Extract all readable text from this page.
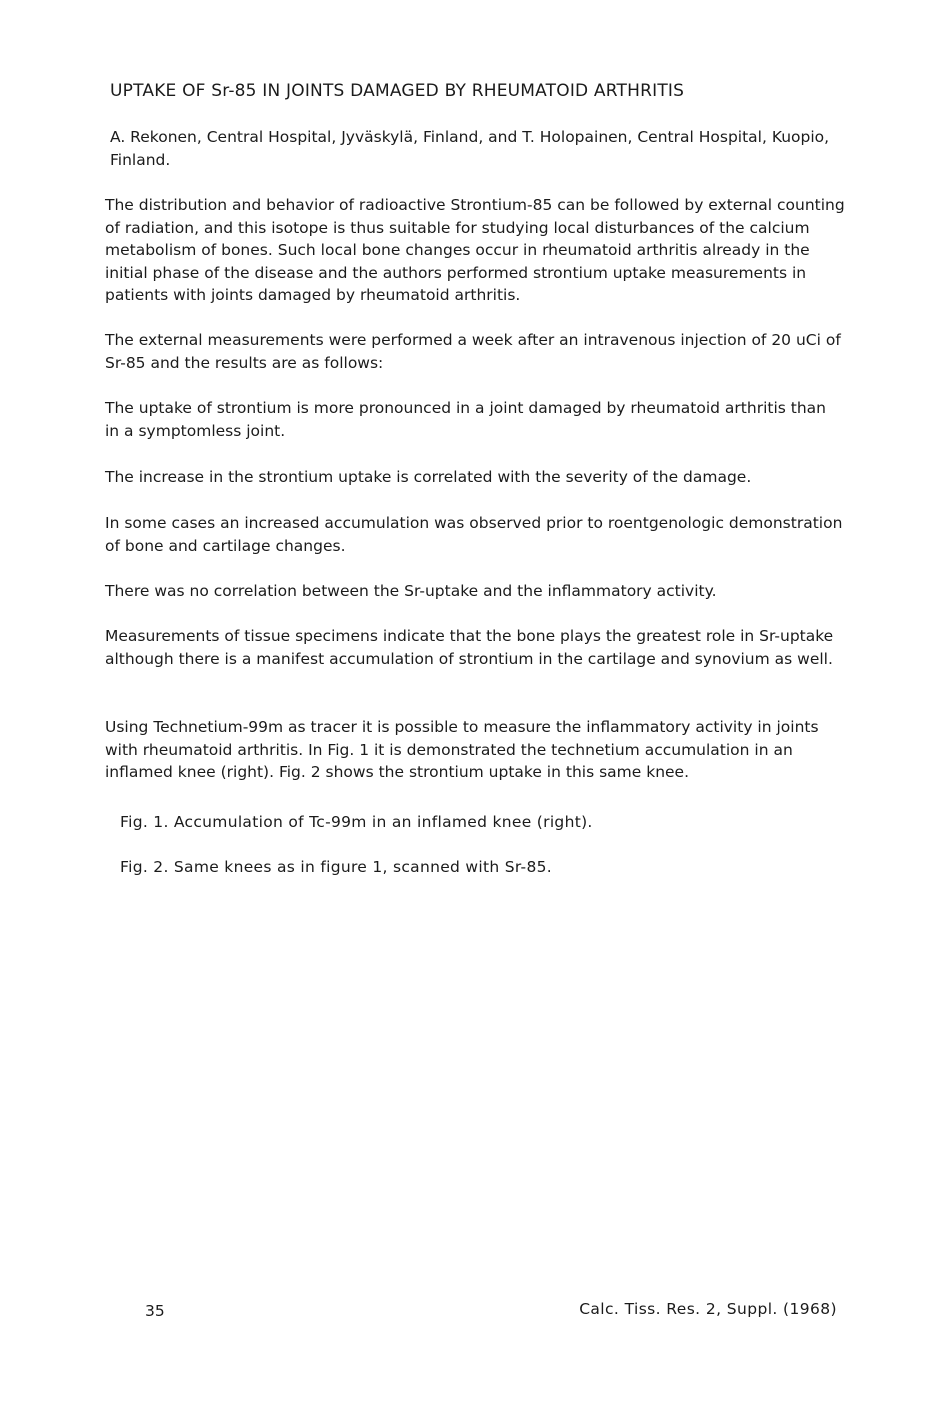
UPTAKE OF Sr-85 IN JOINTS DAMAGED BY RHEUMATOID ARTHRITIS
A. Rekonen, Central Hospital, Jyväskylä, Finland, and T. Holopainen, Central Hospital, Kuopio, Finland.

The distribution and behavior of radioactive Strontium-85 can be followed by external counting of radiation, and this isotope is thus suitable for studying local disturbances of the calcium metabolism of bones. Such local bone changes occur in rheumatoid arthritis already in the initial phase of the disease and the authors performed strontium uptake measurements in patients with joints damaged by rheumatoid arthritis.

The external measurements were performed a week after an intravenous injection of 20 uCi of Sr-85 and the results are as follows:

The uptake of strontium is more pronounced in a joint damaged by rheumatoid arthritis than in a symptomless joint.

The increase in the strontium uptake is correlated with the severity of the damage.

In some cases an increased accumulation was observed prior to roentgenologic demonstration of bone and cartilage changes.

There was no correlation between the Sr-uptake and the inflammatory activity.

Measurements of tissue specimens indicate that the bone plays the greatest role in Sr-uptake although there is a manifest accumulation of strontium in the cartilage and synovium as well.

Using Technetium-99m as tracer it is possible to measure the inflammatory activity in joints with rheumatoid arthritis. In Fig. 1 it is demonstrated the technetium accumulation in an inflamed knee (right). Fig. 2 shows the strontium uptake in this same knee.

Fig. 1. Accumulation of Tc-99m in an inflamed knee (right).
Fig. 2. Same knees as in figure 1, scanned with Sr-85.
35	Calc. Tiss. Res. 2, Suppl. (1968)
